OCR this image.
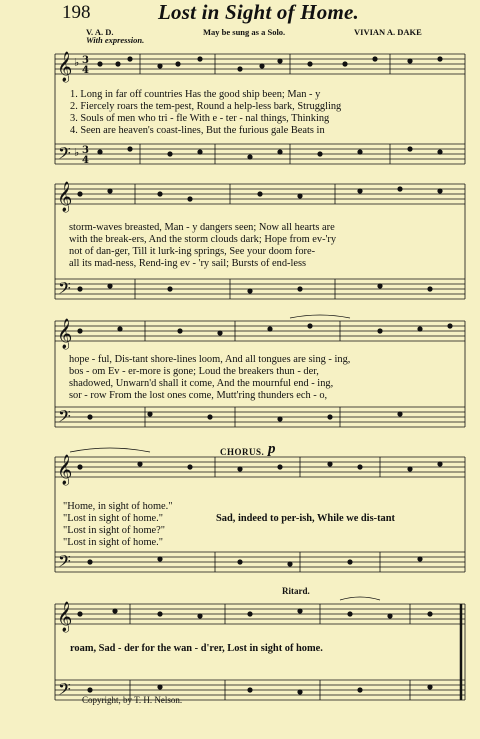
𝄞
𝄢
𝄞
𝄢
𝄞
𝄢
𝄞
𝄢
𝄞
𝄢
♭
♭
3
4
3
4
198	Lost in Sight of Home.
V. A. D.
With expression.
May be sung as a Solo.	VIVIAN A. DAKE
1. Long in far off countries Has the good ship been; Man - y
2. Fiercely roars the tem-pest, Round a help-less bark, Struggling
3. Souls of men who tri - fle With e - ter - nal things, Thinking
4. Seen are heaven's coast-lines, But the furious gale Beats in
storm-waves breasted, Man - y dangers seen; Now all hearts are
with the break-ers, And the storm clouds dark; Hope from ev-'ry
not of dan-ger, Till it lurk-ing springs, See your doom fore-
all its mad-ness, Rend-ing ev - 'ry sail; Bursts of end-less
hope - ful, Dis-tant shore-lines loom, And all tongues are sing - ing,
bos - om Ev - er-more is gone; Loud the breakers thun - der,
shadowed, Unwarn'd shall it come, And the mournful end - ing,
sor - row From the lost ones come, Mutt'ring thunders ech - o,
CHORUS. p
"Home, in sight of home."
"Lost in sight of home."	Sad, indeed to per-ish, While we dis-tant
"Lost in sight of home?"
"Lost in sight of home."
Ritard.
roam, Sad - der for the wan - d'rer, Lost in sight of home.
Copyright, by T. H. Nelson.
